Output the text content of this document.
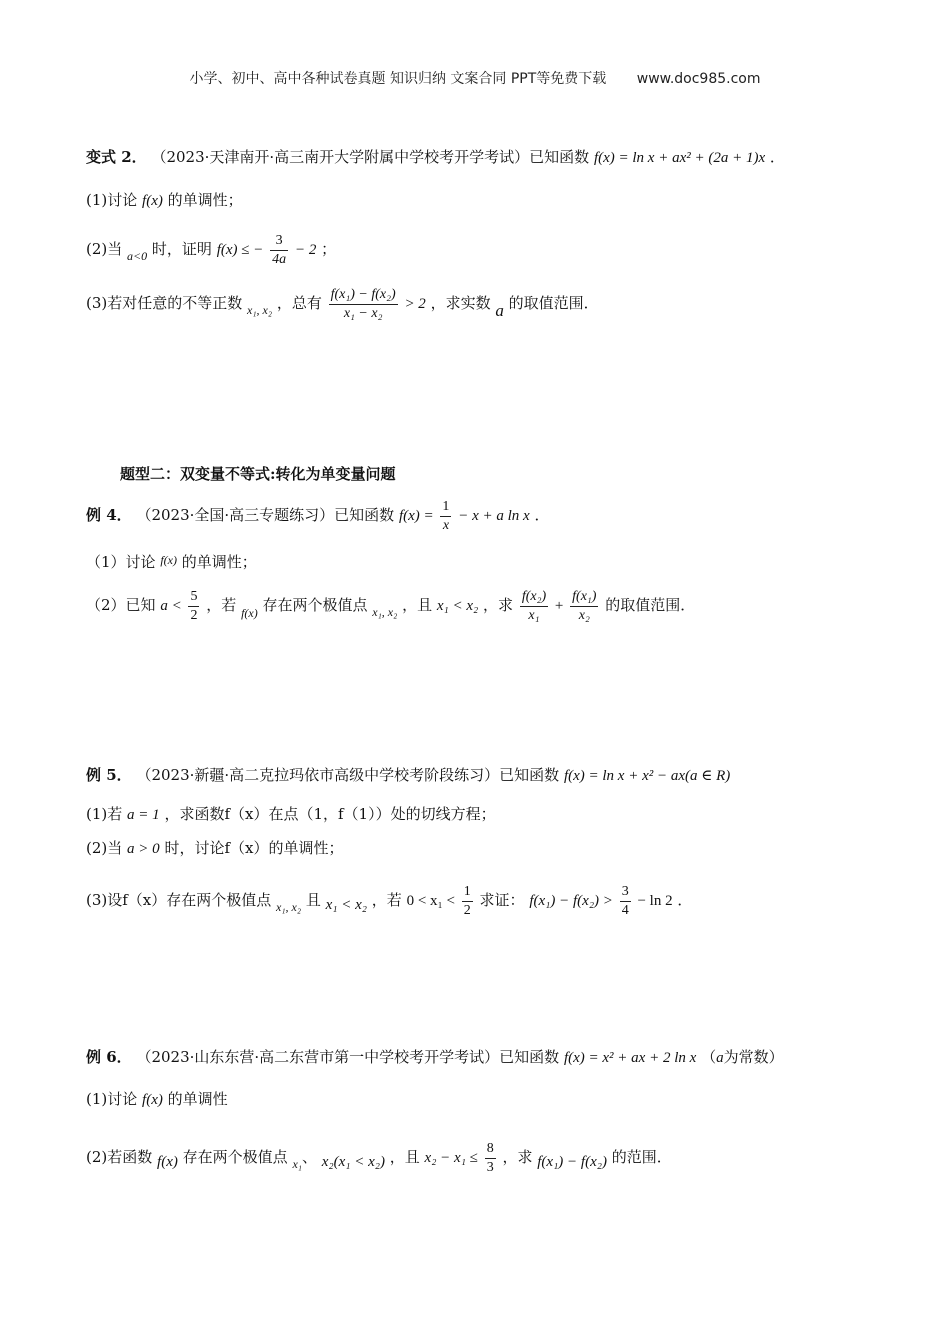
小学、初中、高中各种试卷真题 知识归纳 文案合同 PPT等免费下载 www.doc985.com
变式 2． （2023·天津南开·高三南开大学附属中学校考开学考试）已知函数 f(x) = ln x + ax² + (2a + 1)x ．
(1)讨论 f(x) 的单调性；
(2)当 $_{a<0}$ 时，证明 f(x) ≤ − $\frac{3}{4a} - 2$ ；
(3)若对任意的不等正数 $_{x_1, x_2}$ ，总有 $\frac{\text{f(x₁) − f(x₂)}}{\text{x₁ − x₂}} > 2$ ，求实数 a 的取值范围．
题型二：双变量不等式:转化为单变量问题
例 4． （2023·全国·高三专题练习）已知函数 $f(x) = \frac{1}{x} - x + a$ ln x ．
（1）讨论 $^{f(x)}$ 的单调性；
（2）已知 $a < \frac{5}{2}$ ，若 $_{f(x)}$ 存在两个极值点 $_{x_1, x_2}$ ，且 x₁ < x₂ ，求 $\frac{\text{f(x₂)}}{\text{x₁}} + \frac{\text{f(x₁)}}{\text{x₂}}$ 的取值范围．
例 5． （2023·新疆·高二克拉玛依市高级中学校考阶段练习）已知函数 f(x) = ln x + x² − ax(a ∈ R)
(1)若 a = 1 ，求函数f（x）在点（1，f（1））处的切线方程；
(2)当 a > 0 时，讨论f（x）的单调性；
(3)设f（x）存在两个极值点 $_{x_1, x_2}$ 且 x₁ < x₂ ，若 $0 < x_1 < \frac{1}{2}$ 求证： $f(x_1) - f(x_2) > \frac{3}{4} - \ln 2$ ．
例 6． （2023·山东东营·高二东营市第一中学校考开学考试）已知函数 f(x) = x² + ax + 2 ln x （a为常数）
(1)讨论 f(x) 的单调性
(2)若函数 f(x) 存在两个极值点 $_{x_1}$、 x₂(x₁ < x₂) ，且 $x_2 - x_1 \le \frac{8}{3}$ ，求 f(x₁) − f(x₂) 的范围．
